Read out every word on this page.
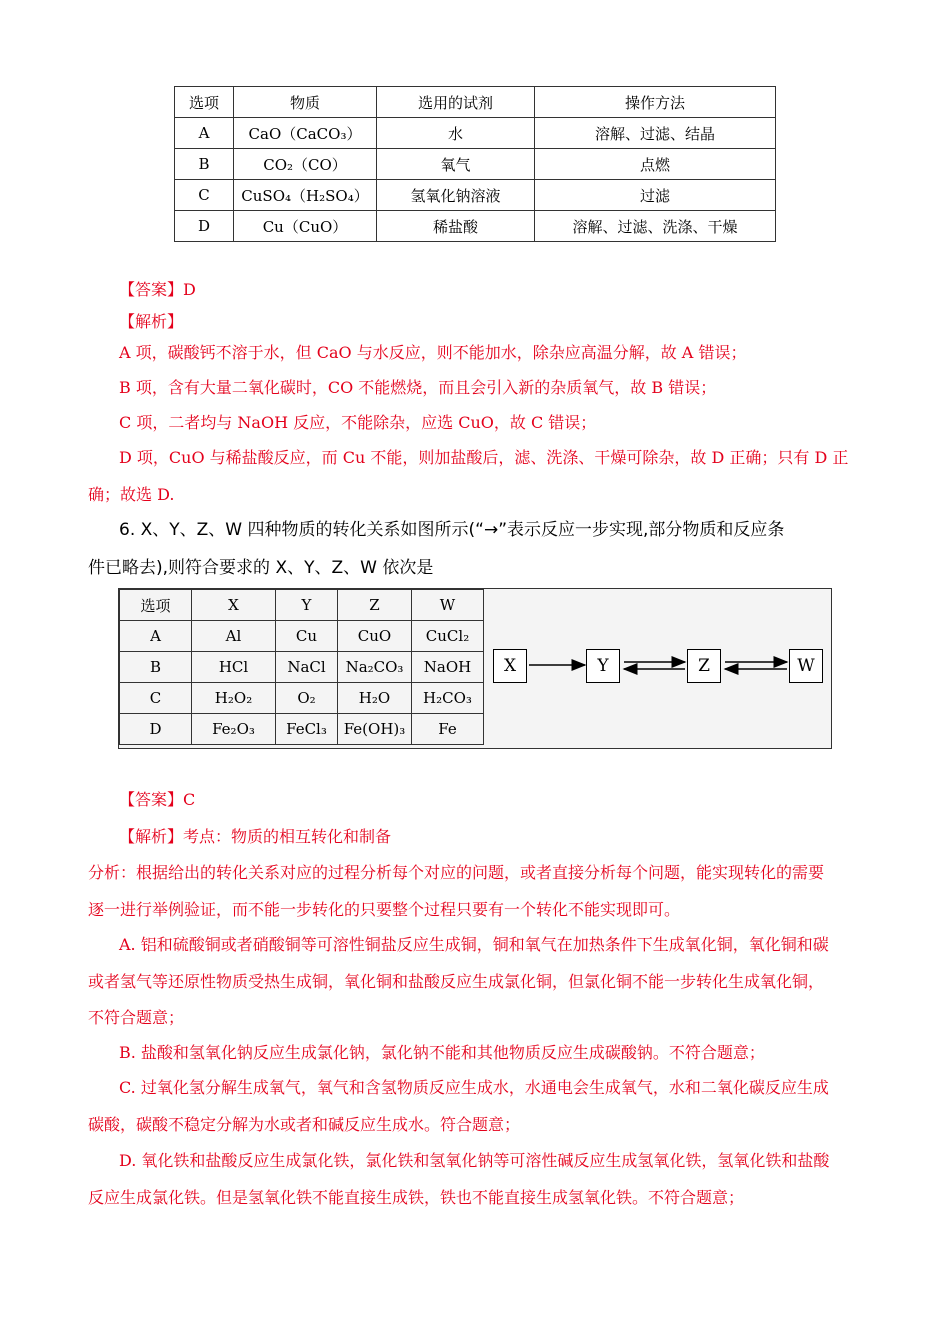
选项	物质	选用的试剂	操作方法
A	CaO（CaCO₃）	水	溶解、过滤、结晶
B	CO₂（CO）	氧气	点燃
C	CuSO₄（H₂SO₄）	氢氧化钠溶液	过滤
D	Cu（CuO）	稀盐酸	溶解、过滤、洗涤、干燥
【答案】D
【解析】
A 项，碳酸钙不溶于水，但 CaO 与水反应，则不能加水，除杂应高温分解，故 A 错误；
B 项，含有大量二氧化碳时，CO 不能燃烧，而且会引入新的杂质氧气，故 B 错误；
C 项，二者均与 NaOH 反应，不能除杂，应选 CuO，故 C 错误；
D 项，CuO 与稀盐酸反应，而 Cu 不能，则加盐酸后，滤、洗涤、干燥可除杂，故 D 正确；只有 D 正
确；故选 D.
6. X、Y、Z、W 四种物质的转化关系如图所示(“→”表示反应一步实现,部分物质和反应条
件已略去),则符合要求的 X、Y、Z、W 依次是
选项	X	Y	Z	W
A	Al	Cu	CuO	CuCl₂
B	HCl	NaCl	Na₂CO₃	NaOH
C	H₂O₂	O₂	H₂O	H₂CO₃
D	Fe₂O₃	FeCl₃	Fe(OH)₃	Fe
X	Y	Z	W
【答案】C
【解析】考点：物质的相互转化和制备
分析：根据给出的转化关系对应的过程分析每个对应的问题，或者直接分析每个问题，能实现转化的需要
逐一进行举例验证，而不能一步转化的只要整个过程只要有一个转化不能实现即可。
A. 铝和硫酸铜或者硝酸铜等可溶性铜盐反应生成铜，铜和氧气在加热条件下生成氧化铜，氧化铜和碳
或者氢气等还原性物质受热生成铜，氧化铜和盐酸反应生成氯化铜，但氯化铜不能一步转化生成氧化铜，
不符合题意；
B. 盐酸和氢氧化钠反应生成氯化钠，氯化钠不能和其他物质反应生成碳酸钠。不符合题意；
C. 过氧化氢分解生成氧气，氧气和含氢物质反应生成水，水通电会生成氧气，水和二氧化碳反应生成
碳酸，碳酸不稳定分解为水或者和碱反应生成水。符合题意；
D. 氧化铁和盐酸反应生成氯化铁，氯化铁和氢氧化钠等可溶性碱反应生成氢氧化铁，氢氧化铁和盐酸
反应生成氯化铁。但是氢氧化铁不能直接生成铁，铁也不能直接生成氢氧化铁。不符合题意；
